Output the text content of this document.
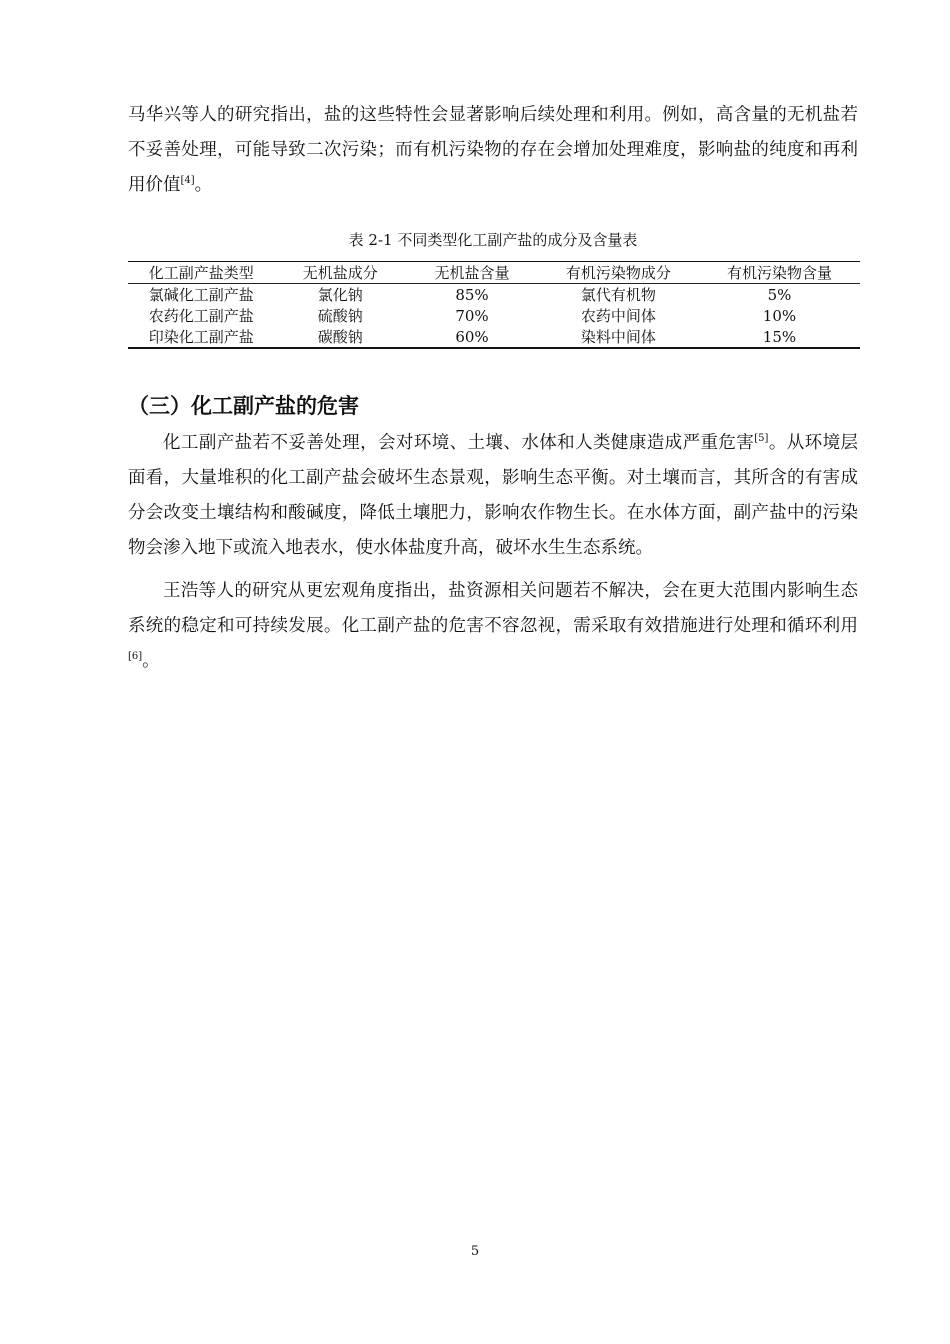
马华兴等人的研究指出，盐的这些特性会显著影响后续处理和利用。例如，高含量的无机盐若不妥善处理，可能导致二次污染；而有机污染物的存在会增加处理难度，影响盐的纯度和再利用价值[4]。

表 2-1 不同类型化工副产盐的成分及含量表
化工副产盐类型	无机盐成分	无机盐含量	有机污染物成分	有机污染物含量
氯碱化工副产盐	氯化钠	85%	氯代有机物	5%
农药化工副产盐	硫酸钠	70%	农药中间体	10%
印染化工副产盐	碳酸钠	60%	染料中间体	15%
（三）化工副产盐的危害

化工副产盐若不妥善处理，会对环境、土壤、水体和人类健康造成严重危害[5]。从环境层面看，大量堆积的化工副产盐会破坏生态景观，影响生态平衡。对土壤而言，其所含的有害成分会改变土壤结构和酸碱度，降低土壤肥力，影响农作物生长。在水体方面，副产盐中的污染物会渗入地下或流入地表水，使水体盐度升高，破坏水生生态系统。

王浩等人的研究从更宏观角度指出，盐资源相关问题若不解决，会在更大范围内影响生态系统的稳定和可持续发展。化工副产盐的危害不容忽视，需采取有效措施进行处理和循环利用[6]。

5
